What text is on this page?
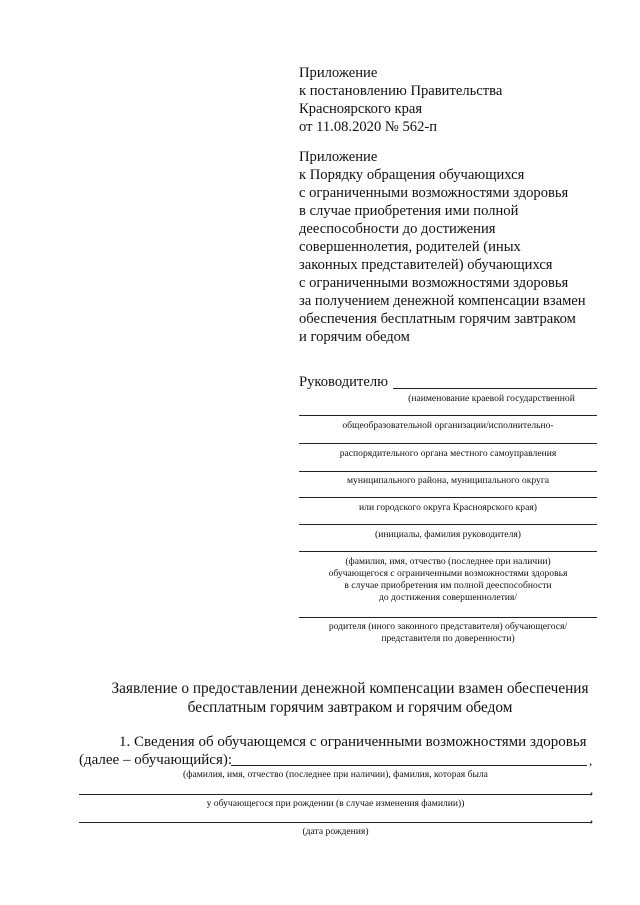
Приложение
к постановлению Правительства
Красноярского края
от 11.08.2020 № 562-п
Приложение
к Порядку обращения обучающихся
с ограниченными возможностями здоровья
в случае приобретения ими полной
дееспособности до достижения
совершеннолетия, родителей (иных
законных представителей) обучающихся
с ограниченными возможностями здоровья
за получением денежной компенсации взамен
обеспечения бесплатным горячим завтраком
и горячим обедом
Руководителю
(наименование краевой государственной
общеобразовательной организации/исполнительно-
распорядительного органа местного самоуправления
муниципального района, муниципального округа
или городского округа Красноярского края)
(инициалы, фамилия руководителя)
(фамилия, имя, отчество (последнее при наличии)
обучающегося с ограниченными возможностями здоровья
в случае приобретения им полной дееспособности
до достижения совершеннолетия/
родителя (иного законного представителя) обучающегося/
представителя по доверенности)
Заявление о предоставлении денежной компенсации взамен обеспечения
бесплатным горячим завтраком и горячим обедом
1. Сведения об обучающемся с ограниченными возможностями здоровья
(далее – обучающийся):	,
(фамилия, имя, отчество (последнее при наличии), фамилия, которая была
,
у обучающегося при рождении (в случае изменения фамилии))
,
(дата рождения)
